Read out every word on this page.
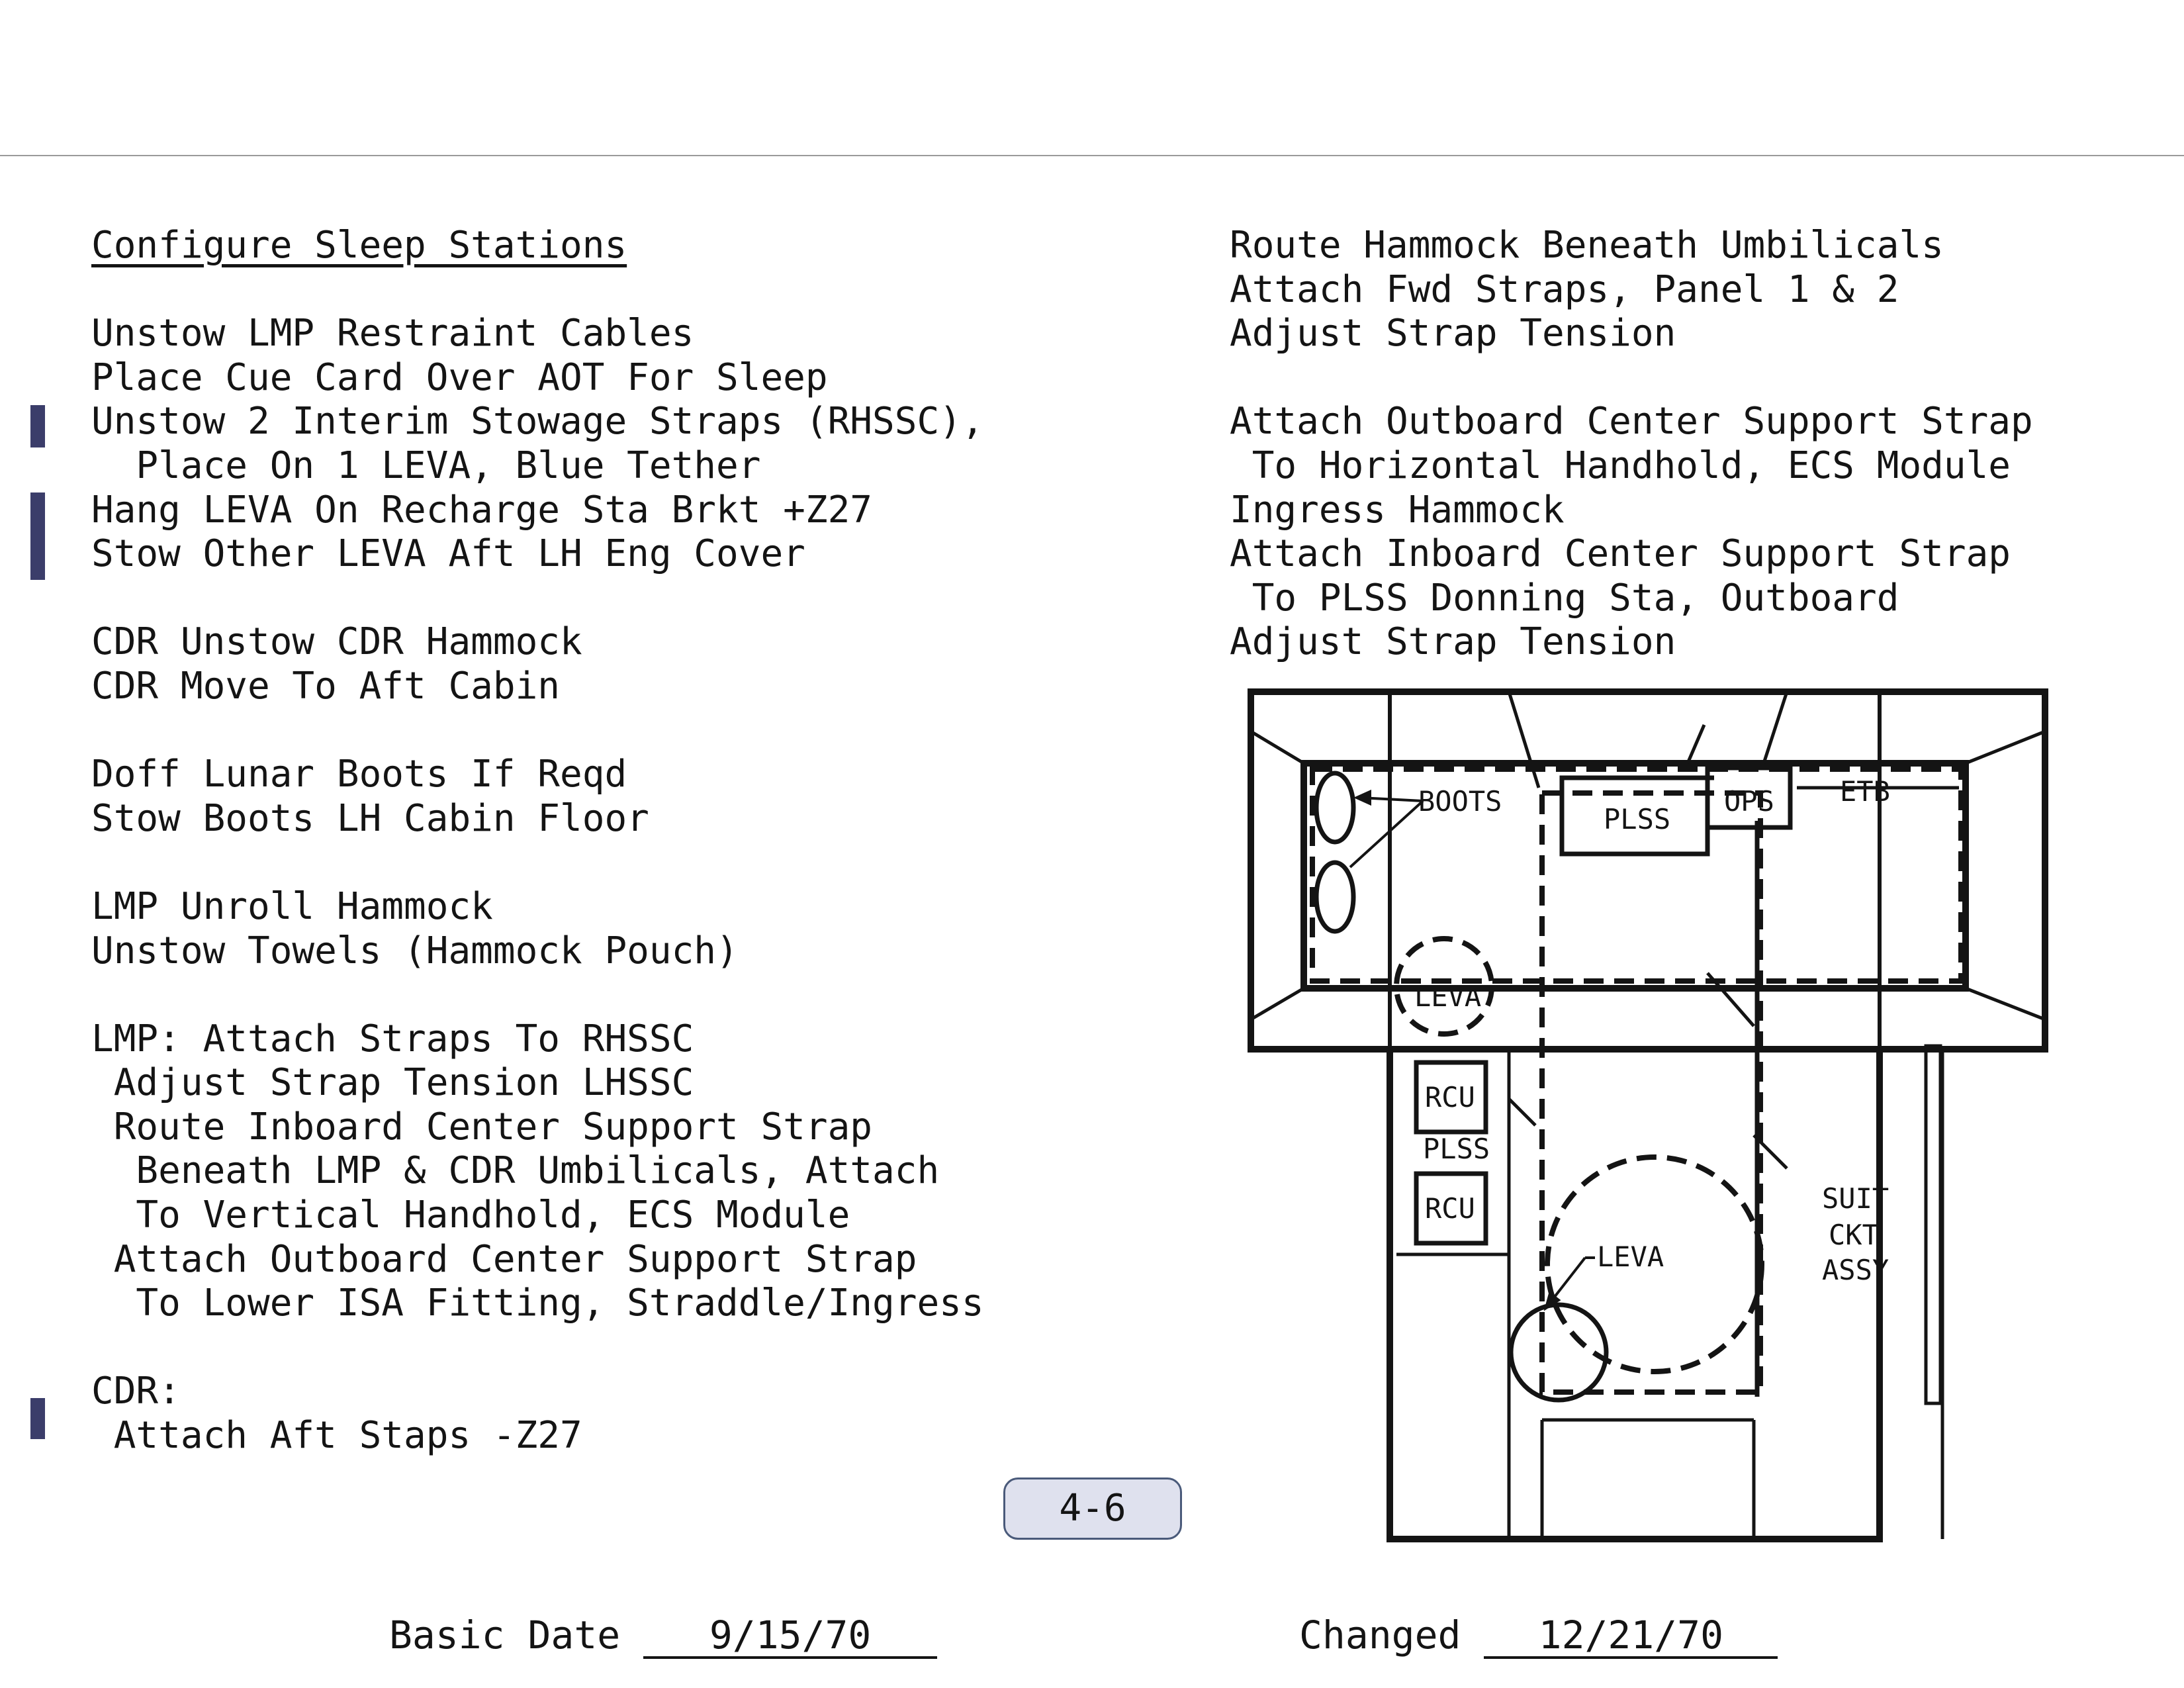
Configure Sleep Stations
Unstow LMP Restraint Cables
Place Cue Card Over AOT For Sleep
Unstow 2 Interim Stowage Straps (RHSSC),
Place On 1 LEVA, Blue Tether
Hang LEVA On Recharge Sta Brkt +Z27
Stow Other LEVA Aft LH Eng Cover
CDR Unstow CDR Hammock
CDR Move To Aft Cabin
Doff Lunar Boots If Reqd
Stow Boots LH Cabin Floor
LMP Unroll Hammock
Unstow Towels (Hammock Pouch)
LMP: Attach Straps To RHSSC
Adjust Strap Tension LHSSC
Route Inboard Center Support Strap
Beneath LMP & CDR Umbilicals, Attach
To Vertical Handhold, ECS Module
Attach Outboard Center Support Strap
To Lower ISA Fitting, Straddle/Ingress
CDR:
Attach Aft Staps -Z27
Route Hammock Beneath Umbilicals
Attach Fwd Straps, Panel 1 & 2
Adjust Strap Tension
Attach Outboard Center Support Strap
To Horizontal Handhold, ECS Module
Ingress Hammock
Attach Inboard Center Support Strap
To PLSS Donning Sta, Outboard
Adjust Strap Tension
BOOTS
PLSS
OPS ETB
LEVA
RCU
PLSS
RCU
LEVA
SUIT
CKT
ASSY
4-6
Basic Date 9/15/70	Changed 12/21/70
